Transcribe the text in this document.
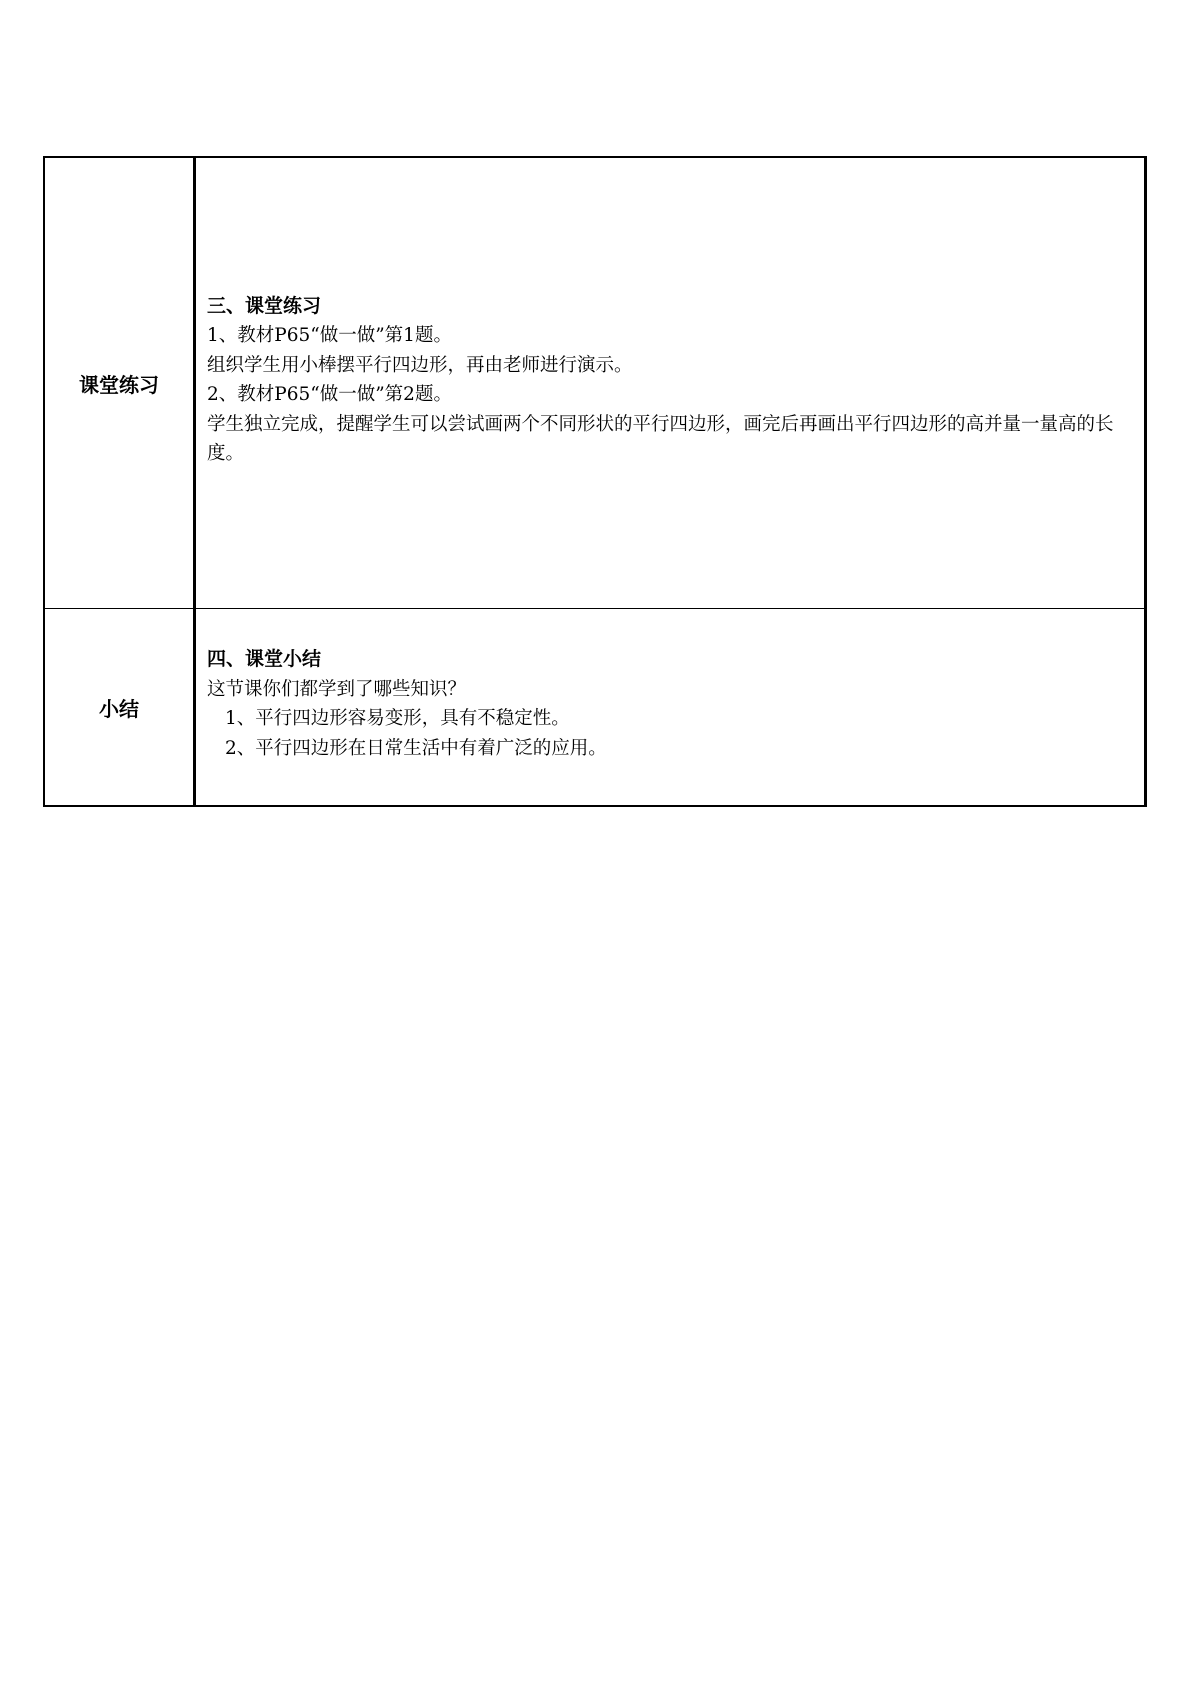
课堂练习	三、课堂练习
1、教材P65“做一做”第1题。
组织学生用小棒摆平行四边形，再由老师进行演示。
2、教材P65“做一做”第2题。
学生独立完成，提醒学生可以尝试画两个不同形状的平行四边形，画完后再画出平行四边形的高并量一量高的长度。

小结	四、课堂小结
这节课你们都学到了哪些知识？
1、平行四边形容易变形，具有不稳定性。
2、平行四边形在日常生活中有着广泛的应用。
